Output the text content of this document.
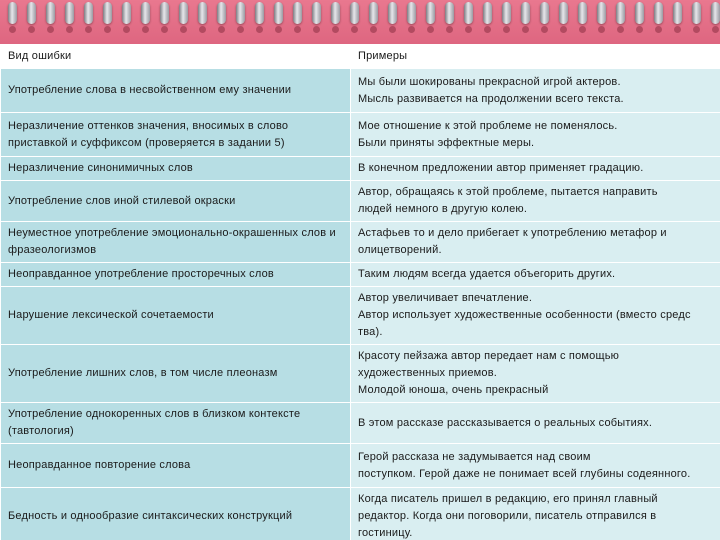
Вид ошибки	Примеры
Употребление слова в несвойственном ему значении	Мы были шокированы прекрасной игрой актеров.
Мысль развивается на продолжении всего текста.

Неразличение оттенков значения, вносимых в слово приставкой и суффиксом (проверяется в задании 5)	Мое отношение к этой проблеме не поменялось.
Были приняты эффектные меры.

Неразличение синонимичных слов	В конечном предложении автор применяет градацию.

Употребление слов иной стилевой окраски	Автор, обращаясь к этой проблеме, пытается направить
людей немного в другую колею.

Неуместное употребление эмоционально-окрашенных слов и фразеологизмов	Астафьев то и дело прибегает к употреблению метафор и
олицетворений.

Неоправданное употребление просторечных слов	Таким людям всегда удается объегорить других.

Нарушение лексической сочетаемости	Автор увеличивает впечатление.
Автор использует художественные особенности (вместо средс
тва).

Употребление лишних слов, в том числе плеоназм	Красоту пейзажа автор передает нам с помощью
художественных приемов.
Молодой юноша, очень прекрасный

Употребление однокоренных слов в близком контексте (тавтология)	В этом рассказе рассказывается о реальных событиях.

Неоправданное повторение слова	Герой рассказа не задумывается над своим
поступком. Герой даже не понимает всей глубины содеянного.

Бедность и однообразие синтаксических конструкций	Когда писатель пришел в редакцию, его принял главный
редактор. Когда они поговорили, писатель отправился в
гостиницу.
